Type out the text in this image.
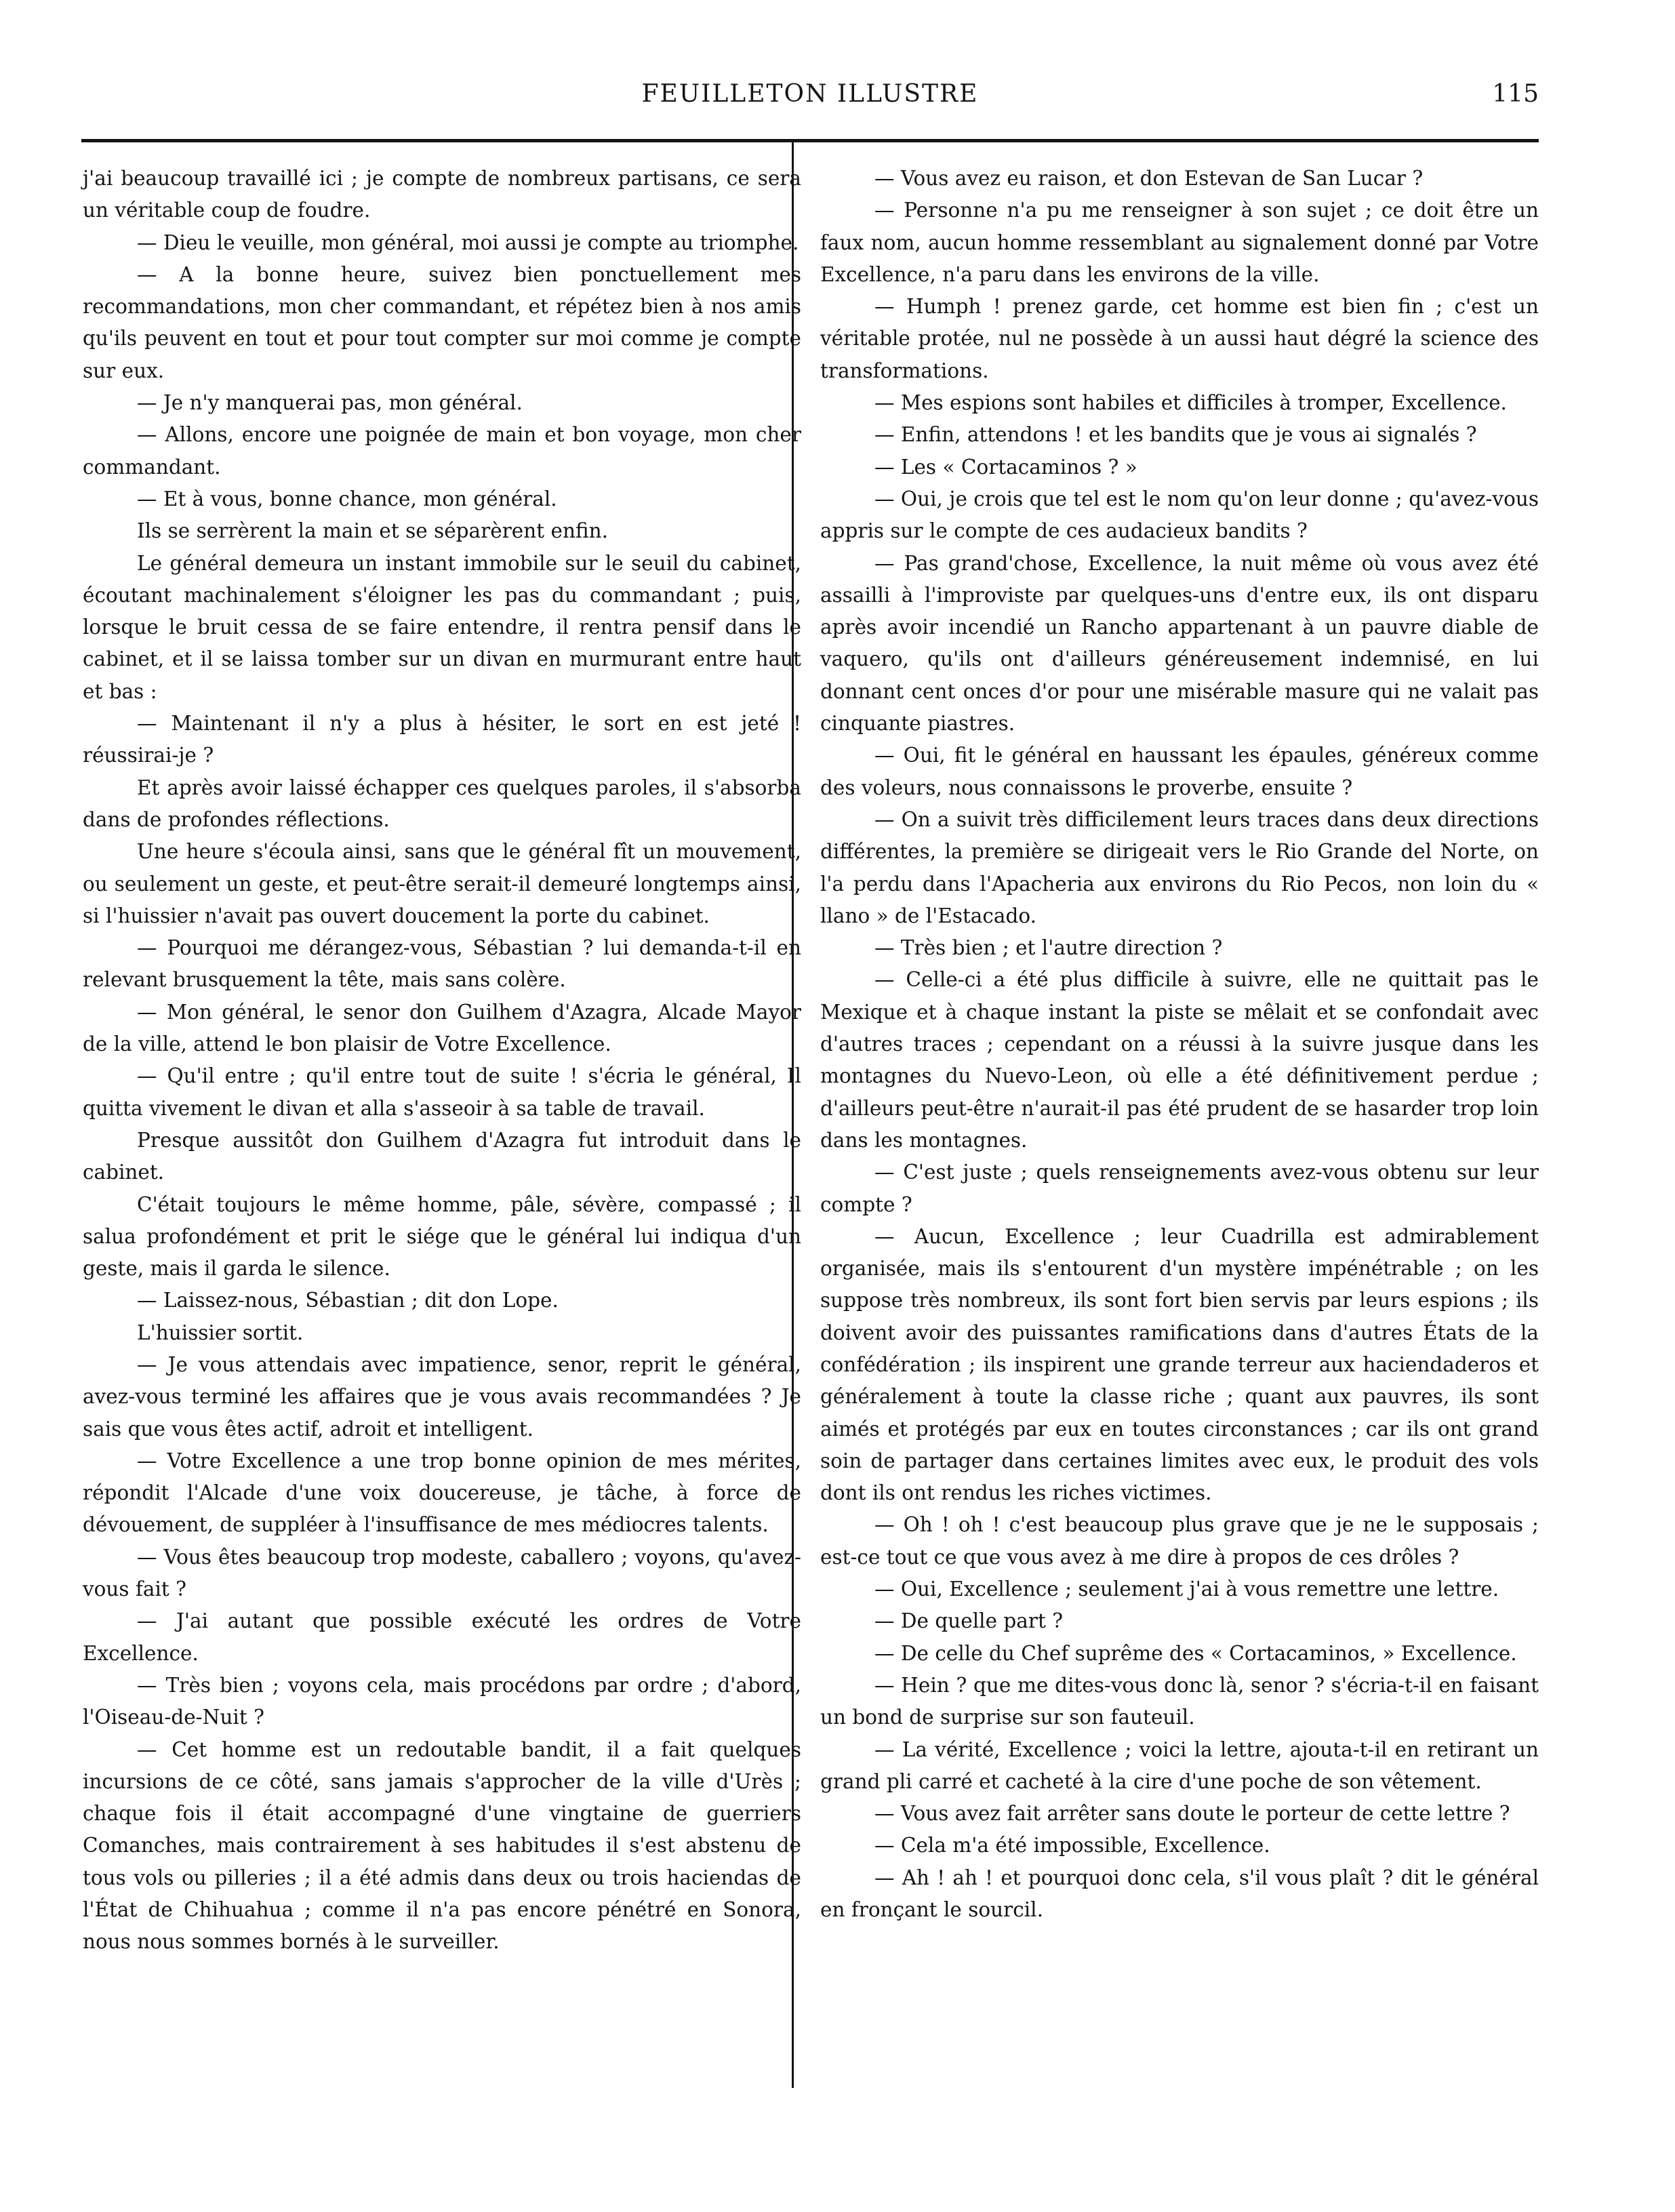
FEUILLETON ILLUSTRE	115

j'ai beaucoup travaillé ici ; je compte de nombreux partisans, ce sera un véritable coup de foudre.

— Dieu le veuille, mon général, moi aussi je compte au triomphe.

— A la bonne heure, suivez bien ponctuellement mes recommandations, mon cher commandant, et répétez bien à nos amis qu'ils peuvent en tout et pour tout compter sur moi comme je compte sur eux.

— Je n'y manquerai pas, mon général.

— Allons, encore une poignée de main et bon voyage, mon cher commandant.

— Et à vous, bonne chance, mon général.

Ils se serrèrent la main et se séparèrent enfin.

Le général demeura un instant immobile sur le seuil du cabinet, écoutant machinalement s'éloigner les pas du commandant ; puis, lorsque le bruit cessa de se faire entendre, il rentra pensif dans le cabinet, et il se laissa tomber sur un divan en murmurant entre haut et bas :

— Maintenant il n'y a plus à hésiter, le sort en est jeté ! réussirai-je ?

Et après avoir laissé échapper ces quelques paroles, il s'absorba dans de profondes réflections.

Une heure s'écoula ainsi, sans que le général fît un mouvement, ou seulement un geste, et peut-être serait-il demeuré longtemps ainsi, si l'huissier n'avait pas ouvert doucement la porte du cabinet.

— Pourquoi me dérangez-vous, Sébastian ? lui demanda-t-il en relevant brusquement la tête, mais sans colère.

— Mon général, le senor don Guilhem d'Azagra, Alcade Mayor de la ville, attend le bon plaisir de Votre Excellence.

— Qu'il entre ; qu'il entre tout de suite ! s'écria le général, Il quitta vivement le divan et alla s'asseoir à sa table de travail.

Presque aussitôt don Guilhem d'Azagra fut introduit dans le cabinet.

C'était toujours le même homme, pâle, sévère, compassé ; il salua profondément et prit le siége que le général lui indiqua d'un geste, mais il garda le silence.

— Laissez-nous, Sébastian ; dit don Lope.

L'huissier sortit.

— Je vous attendais avec impatience, senor, reprit le général, avez-vous terminé les affaires que je vous avais recommandées ? Je sais que vous êtes actif, adroit et intelligent.

— Votre Excellence a une trop bonne opinion de mes mérites, répondit l'Alcade d'une voix doucereuse, je tâche, à force de dévouement, de suppléer à l'insuffisance de mes médiocres talents.

— Vous êtes beaucoup trop modeste, caballero ; voyons, qu'avez-vous fait ?

— J'ai autant que possible exécuté les ordres de Votre Excellence.

— Très bien ; voyons cela, mais procédons par ordre ; d'abord, l'Oiseau-de-Nuit ?

— Cet homme est un redoutable bandit, il a fait quelques incursions de ce côté, sans jamais s'approcher de la ville d'Urès ; chaque fois il était accompagné d'une vingtaine de guerriers Comanches, mais contrairement à ses habitudes il s'est abstenu de tous vols ou pilleries ; il a été admis dans deux ou trois haciendas de l'État de Chihuahua ; comme il n'a pas encore pénétré en Sonora, nous nous sommes bornés à le surveiller.

— Vous avez eu raison, et don Estevan de San Lucar ?

— Personne n'a pu me renseigner à son sujet ; ce doit être un faux nom, aucun homme ressemblant au signalement donné par Votre Excellence, n'a paru dans les environs de la ville.

— Humph ! prenez garde, cet homme est bien fin ; c'est un véritable protée, nul ne possède à un aussi haut dégré la science des transformations.

— Mes espions sont habiles et difficiles à tromper, Excellence.

— Enfin, attendons ! et les bandits que je vous ai signalés ?

— Les « Cortacaminos ? »

— Oui, je crois que tel est le nom qu'on leur donne ; qu'avez-vous appris sur le compte de ces audacieux bandits ?

— Pas grand'chose, Excellence, la nuit même où vous avez été assailli à l'improviste par quelques-uns d'entre eux, ils ont disparu après avoir incendié un Rancho appartenant à un pauvre diable de vaquero, qu'ils ont d'ailleurs généreusement indemnisé, en lui donnant cent onces d'or pour une misérable masure qui ne valait pas cinquante piastres.

— Oui, fit le général en haussant les épaules, généreux comme des voleurs, nous connaissons le proverbe, ensuite ?

— On a suivit très difficilement leurs traces dans deux directions différentes, la première se dirigeait vers le Rio Grande del Norte, on l'a perdu dans l'Apacheria aux environs du Rio Pecos, non loin du « llano » de l'Estacado.

— Très bien ; et l'autre direction ?

— Celle-ci a été plus difficile à suivre, elle ne quittait pas le Mexique et à chaque instant la piste se mêlait et se confondait avec d'autres traces ; cependant on a réussi à la suivre jusque dans les montagnes du Nuevo-Leon, où elle a été définitivement perdue ; d'ailleurs peut-être n'aurait-il pas été prudent de se hasarder trop loin dans les montagnes.

— C'est juste ; quels renseignements avez-vous obtenu sur leur compte ?

— Aucun, Excellence ; leur Cuadrilla est admirablement organisée, mais ils s'entourent d'un mystère impénétrable ; on les suppose très nombreux, ils sont fort bien servis par leurs espions ; ils doivent avoir des puissantes ramifications dans d'autres États de la confédération ; ils inspirent une grande terreur aux haciendaderos et généralement à toute la classe riche ; quant aux pauvres, ils sont aimés et protégés par eux en toutes circonstances ; car ils ont grand soin de partager dans certaines limites avec eux, le produit des vols dont ils ont rendus les riches victimes.

— Oh ! oh ! c'est beaucoup plus grave que je ne le supposais ; est-ce tout ce que vous avez à me dire à propos de ces drôles ?

— Oui, Excellence ; seulement j'ai à vous remettre une lettre.

— De quelle part ?

— De celle du Chef suprême des « Cortacaminos, » Excellence.

— Hein ? que me dites-vous donc là, senor ? s'écria-t-il en faisant un bond de surprise sur son fauteuil.

— La vérité, Excellence ; voici la lettre, ajouta-t-il en retirant un grand pli carré et cacheté à la cire d'une poche de son vêtement.

— Vous avez fait arrêter sans doute le porteur de cette lettre ?

— Cela m'a été impossible, Excellence.

— Ah ! ah ! et pourquoi donc cela, s'il vous plaît ? dit le général en fronçant le sourcil.
